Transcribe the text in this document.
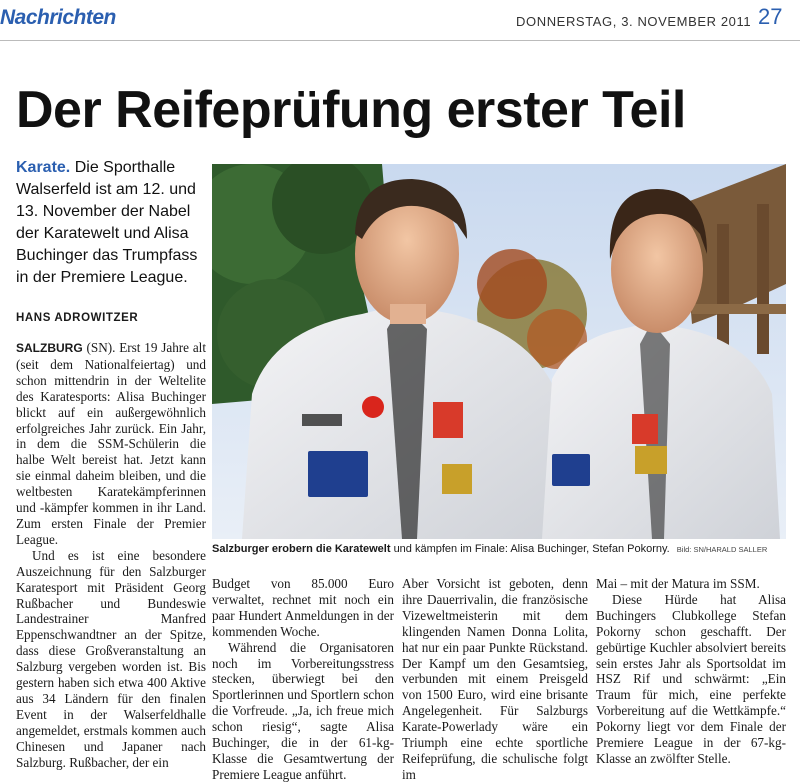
Nachrichten	DONNERSTAG, 3. NOVEMBER 2011 27
Der Reifeprüfung erster Teil
Karate. Die Sporthalle Walserfeld ist am 12. und 13. November der Nabel der Karatewelt und Alisa Buchinger das Trumpfass in der Premiere League.
HANS ADROWITZER

SALZBURG (SN). Erst 19 Jahre alt (seit dem Nationalfeiertag) und schon mittendrin in der Weltelite des Karatesports: Alisa Buchinger blickt auf ein außergewöhnlich erfolgreiches Jahr zurück. Ein Jahr, in dem die SSM-Schülerin die halbe Welt bereist hat. Jetzt kann sie einmal daheim bleiben, und die weltbesten Karatekämpferinnen und -kämpfer kommen in ihr Land. Zum ersten Finale der Premier League.

Und es ist eine besondere Auszeichnung für den Salzburger Karatesport mit Präsident Georg Rußbacher und Bundeswie Landestrainer Manfred Eppenschwandtner an der Spitze, dass diese Großveranstaltung an Salzburg vergeben worden ist. Bis gestern haben sich etwa 400 Aktive aus 34 Ländern für den finalen Event in der Walserfeldhalle angemeldet, erstmals kommen auch Chinesen und Japaner nach Salzburg. Rußbacher, der ein

Salzburger erobern die Karatewelt und kämpfen im Finale: Alisa Buchinger, Stefan Pokorny. Bild: SN/HARALD SALLER

Budget von 85.000 Euro verwaltet, rechnet mit noch ein paar Hundert Anmeldungen in der kommenden Woche.

Während die Organisatoren noch im Vorbereitungsstress stecken, überwiegt bei den Sportlerinnen und Sportlern schon die Vorfreude. „Ja, ich freue mich schon riesig“, sagte Alisa Buchinger, die in der 61-kg-Klasse die Gesamtwertung der Premiere League anführt.

Aber Vorsicht ist geboten, denn ihre Dauerrivalin, die französische Vizeweltmeisterin mit dem klingenden Namen Donna Lolita, hat nur ein paar Punkte Rückstand. Der Kampf um den Gesamtsieg, verbunden mit einem Preisgeld von 1500 Euro, wird eine brisante Angelegenheit. Für Salzburgs Karate-Powerlady wäre ein Triumph eine echte sportliche Reifeprüfung, die schulische folgt im

Mai – mit der Matura im SSM.

Diese Hürde hat Alisa Buchingers Clubkollege Stefan Pokorny schon geschafft. Der gebürtige Kuchler absolviert bereits sein erstes Jahr als Sportsoldat im HSZ Rif und schwärmt: „Ein Traum für mich, eine perfekte Vorbereitung auf die Wettkämpfe.“ Pokorny liegt vor dem Finale der Premiere League in der 67-kg-Klasse an zwölfter Stelle.
